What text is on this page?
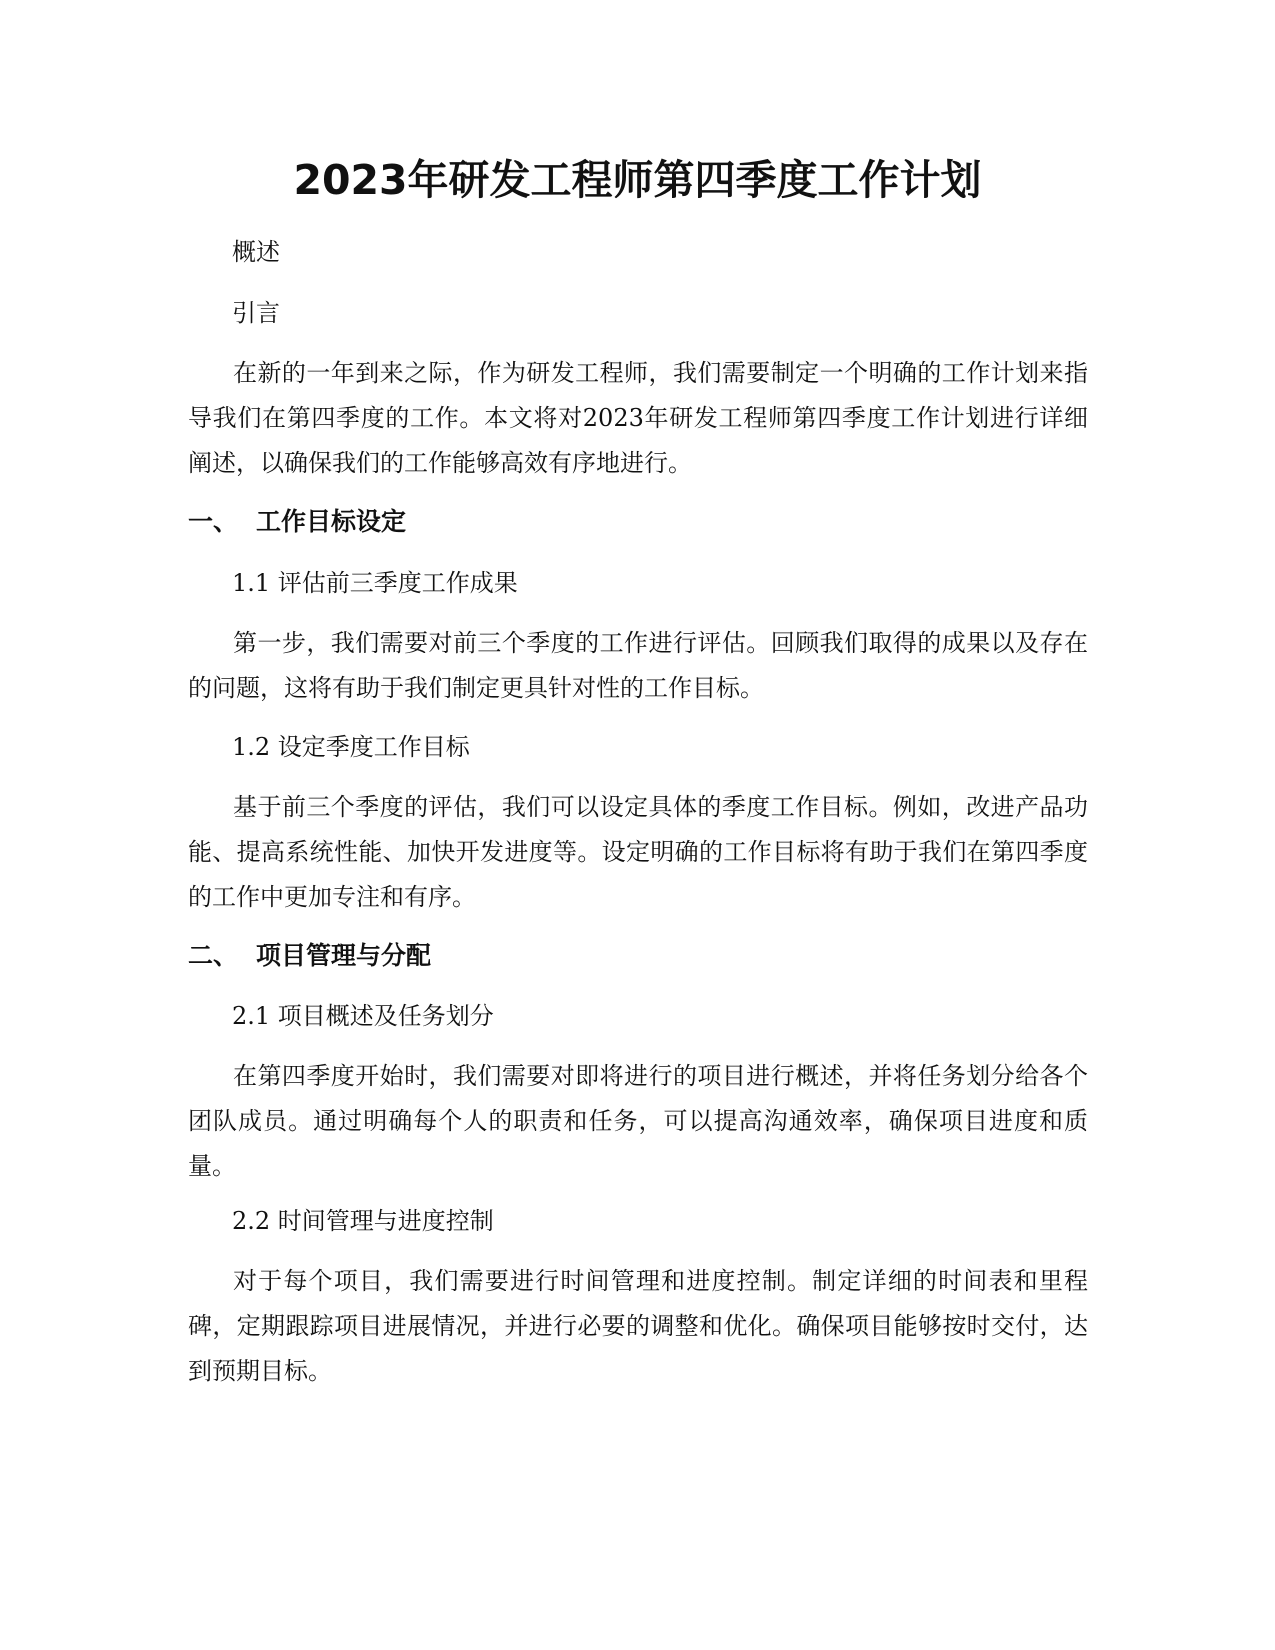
2023年研发工程师第四季度工作计划

概述

引言

在新的一年到来之际，作为研发工程师，我们需要制定一个明确的工作计划来指导我们在第四季度的工作。本文将对2023年研发工程师第四季度工作计划进行详细阐述，以确保我们的工作能够高效有序地进行。

一、 工作目标设定

1.1 评估前三季度工作成果

第一步，我们需要对前三个季度的工作进行评估。回顾我们取得的成果以及存在的问题，这将有助于我们制定更具针对性的工作目标。

1.2 设定季度工作目标

基于前三个季度的评估，我们可以设定具体的季度工作目标。例如，改进产品功能、提高系统性能、加快开发进度等。设定明确的工作目标将有助于我们在第四季度的工作中更加专注和有序。

二、 项目管理与分配

2.1 项目概述及任务划分

在第四季度开始时，我们需要对即将进行的项目进行概述，并将任务划分给各个团队成员。通过明确每个人的职责和任务，可以提高沟通效率，确保项目进度和质量。

2.2 时间管理与进度控制

对于每个项目，我们需要进行时间管理和进度控制。制定详细的时间表和里程碑，定期跟踪项目进展情况，并进行必要的调整和优化。确保项目能够按时交付，达到预期目标。
